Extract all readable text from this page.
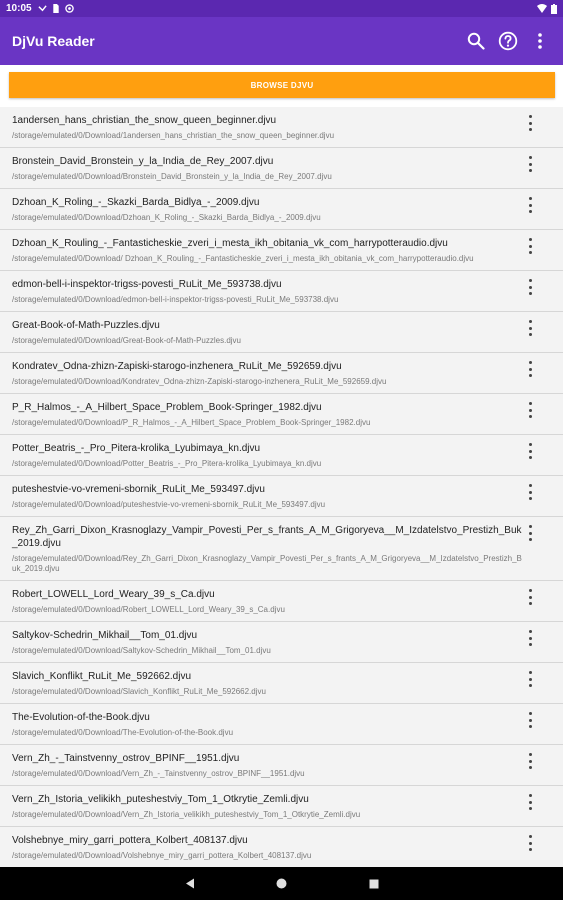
10:05
DjVu Reader
BROWSE DJVU
1andersen_hans_christian_the_snow_queen_beginner.djvu
/storage/emulated/0/Download/1andersen_hans_christian_the_snow_queen_beginner.djvu
Bronstein_David_Bronstein_y_la_India_de_Rey_2007.djvu
/storage/emulated/0/Download/Bronstein_David_Bronstein_y_la_India_de_Rey_2007.djvu
Dzhoan_K_Roling_-_Skazki_Barda_Bidlya_-_2009.djvu
/storage/emulated/0/Download/Dzhoan_K_Roling_-_Skazki_Barda_Bidlya_-_2009.djvu
Dzhoan_K_Rouling_-_Fantasticheskie_zveri_i_mesta_ikh_obitania_vk_com_harrypotteraudio.djvu
/storage/emulated/0/Download/ Dzhoan_K_Rouling_-_Fantasticheskie_zveri_i_mesta_ikh_obitania_vk_com_harrypotteraudio.djvu
edmon-bell-i-inspektor-trigss-povesti_RuLit_Me_593738.djvu
/storage/emulated/0/Download/edmon-bell-i-inspektor-trigss-povesti_RuLit_Me_593738.djvu
Great-Book-of-Math-Puzzles.djvu
/storage/emulated/0/Download/Great-Book-of-Math-Puzzles.djvu
Kondratev_Odna-zhizn-Zapiski-starogo-inzhenera_RuLit_Me_592659.djvu
/storage/emulated/0/Download/Kondratev_Odna-zhizn-Zapiski-starogo-inzhenera_RuLit_Me_592659.djvu
P_R_Halmos_-_A_Hilbert_Space_Problem_Book-Springer_1982.djvu
/storage/emulated/0/Download/P_R_Halmos_-_A_Hilbert_Space_Problem_Book-Springer_1982.djvu
Potter_Beatris_-_Pro_Pitera-krolika_Lyubimaya_kn.djvu
/storage/emulated/0/Download/Potter_Beatris_-_Pro_Pitera-krolika_Lyubimaya_kn.djvu
puteshestvie-vo-vremeni-sbornik_RuLit_Me_593497.djvu
/storage/emulated/0/Download/puteshestvie-vo-vremeni-sbornik_RuLit_Me_593497.djvu
Rey_Zh_Garri_Dixon_Krasnoglazy_Vampir_Povesti_Per_s_frants_A_M_Grigoryeva__M_Izdatelstvo_Prestizh_Buk_2019.djvu
/storage/emulated/0/Download/Rey_Zh_Garri_Dixon_Krasnoglazy_Vampir_Povesti_Per_s_frants_A_M_Grigoryeva__M_Izdatelstvo_Prestizh_Buk_2019.djvu
Robert_LOWELL_Lord_Weary_39_s_Ca.djvu
/storage/emulated/0/Download/Robert_LOWELL_Lord_Weary_39_s_Ca.djvu
Saltykov-Schedrin_Mikhail__Tom_01.djvu
/storage/emulated/0/Download/Saltykov-Schedrin_Mikhail__Tom_01.djvu
Slavich_Konflikt_RuLit_Me_592662.djvu
/storage/emulated/0/Download/Slavich_Konflikt_RuLit_Me_592662.djvu
The-Evolution-of-the-Book.djvu
/storage/emulated/0/Download/The-Evolution-of-the-Book.djvu
Vern_Zh_-_Tainstvenny_ostrov_BPINF__1951.djvu
/storage/emulated/0/Download/Vern_Zh_-_Tainstvenny_ostrov_BPINF__1951.djvu
Vern_Zh_Istoria_velikikh_puteshestviy_Tom_1_Otkrytie_Zemli.djvu
/storage/emulated/0/Download/Vern_Zh_Istoria_velikikh_puteshestviy_Tom_1_Otkrytie_Zemli.djvu
Volshebnye_miry_garri_pottera_Kolbert_408137.djvu
/storage/emulated/0/Download/Volshebnye_miry_garri_pottera_Kolbert_408137.djvu
